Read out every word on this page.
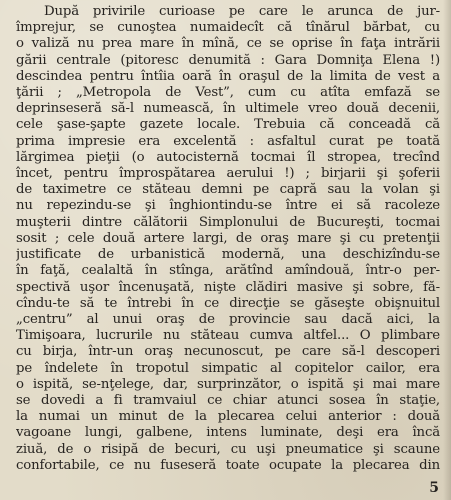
După privirile curioase pe care le arunca de jur-
împrejur, se cunoştea numaidecît că tînărul bărbat, cu
o valiză nu prea mare în mînă, ce se oprise în faţa intrării
gării centrale (pitoresc denumită : Gara Domniţa Elena !)
descindea pentru întîia oară în oraşul de la limita de vest a
ţării ; „Metropola de Vest”, cum cu atîta emfază se
deprinseseră să-l numească, în ultimele vreo două decenii,
cele şase-şapte gazete locale. Trebuia că conceadă că
prima impresie era excelentă : asfaltul curat pe toată
lărgimea pieţii (o autocisternă tocmai îl stropea, trecînd
încet, pentru împrospătarea aerului !) ; birjarii şi şoferii
de taximetre ce stăteau demni pe capră sau la volan şi
nu repezindu-se şi înghiontindu-se între ei să racoleze
muşterii dintre călătorii Simplonului de Bucureşti, tocmai
sosit ; cele două artere largi, de oraş mare şi cu pretenţii
justificate de urbanistică modernă, una deschizîndu-se
în faţă, cealaltă în stînga, arătînd amîndouă, într-o per-
spectivă uşor încenuşată, nişte clădiri masive şi sobre, fă-
cîndu-te să te întrebi în ce direcţie se găseşte obişnuitul
„centru” al unui oraş de provincie sau dacă aici, la
Timişoara, lucrurile nu stăteau cumva altfel... O plimbare
cu birja, într-un oraş necunoscut, pe care să-l descoperi
pe îndelete în tropotul simpatic al copitelor cailor, era
o ispită, se-nţelege, dar, surprinzător, o ispită şi mai mare
se dovedi a fi tramvaiul ce chiar atunci sosea în staţie,
la numai un minut de la plecarea celui anterior : două
vagoane lungi, galbene, intens luminate, deşi era încă
ziuă, de o risipă de becuri, cu uşi pneumatice şi scaune
confortabile, ce nu fuseseră toate ocupate la plecarea din
5
